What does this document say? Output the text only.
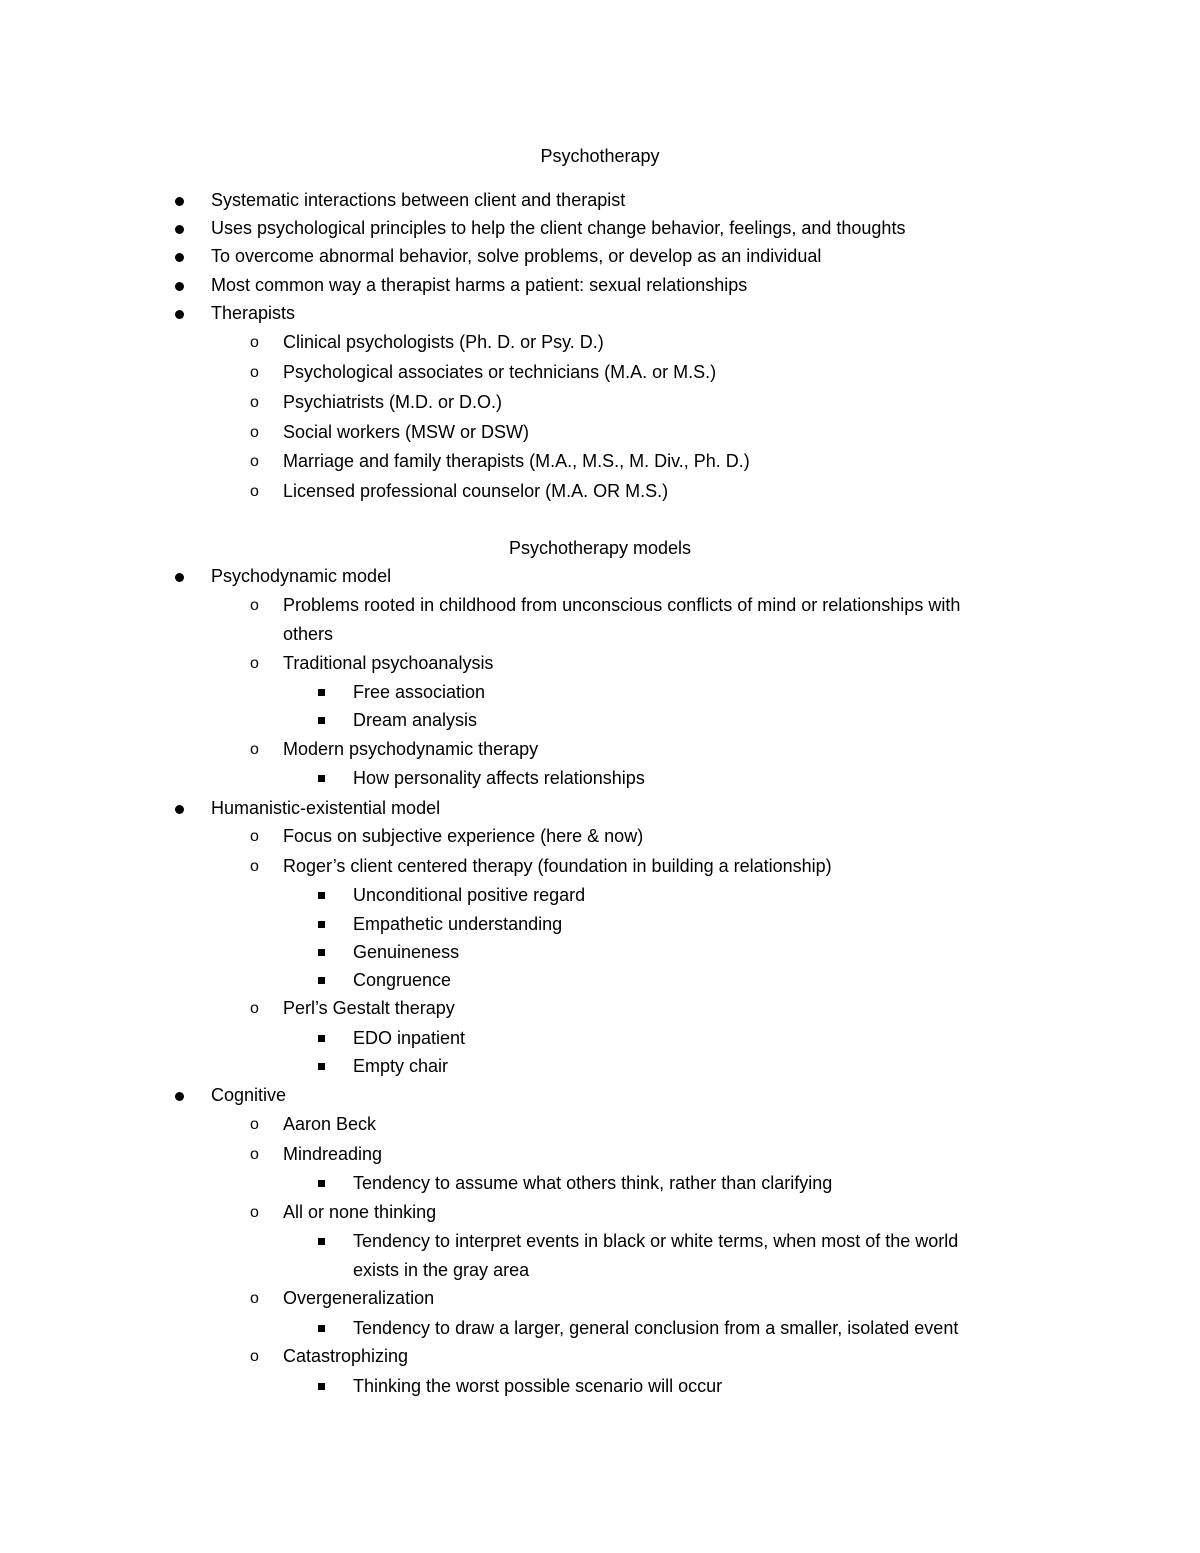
Psychotherapy
Systematic interactions between client and therapist
Uses psychological principles to help the client change behavior, feelings, and thoughts
To overcome abnormal behavior, solve problems, or develop as an individual
Most common way a therapist harms a patient: sexual relationships
Therapists
o Clinical psychologists (Ph. D. or Psy. D.)
o Psychological associates or technicians (M.A. or M.S.)
o Psychiatrists (M.D. or D.O.)
o Social workers (MSW or DSW)
o Marriage and family therapists (M.A., M.S., M. Div., Ph. D.)
o Licensed professional counselor (M.A. OR M.S.)
Psychotherapy models
Psychodynamic model
o Problems rooted in childhood from unconscious conflicts of mind or relationships with
others
o Traditional psychoanalysis
Free association
Dream analysis
o Modern psychodynamic therapy
How personality affects relationships
Humanistic-existential model
o Focus on subjective experience (here & now)
o Roger’s client centered therapy (foundation in building a relationship)
Unconditional positive regard
Empathetic understanding
Genuineness
Congruence
o Perl’s Gestalt therapy
EDO inpatient
Empty chair
Cognitive
o Aaron Beck
o Mindreading
Tendency to assume what others think, rather than clarifying
o All or none thinking
Tendency to interpret events in black or white terms, when most of the world
exists in the gray area
o Overgeneralization
Tendency to draw a larger, general conclusion from a smaller, isolated event
o Catastrophizing
Thinking the worst possible scenario will occur
